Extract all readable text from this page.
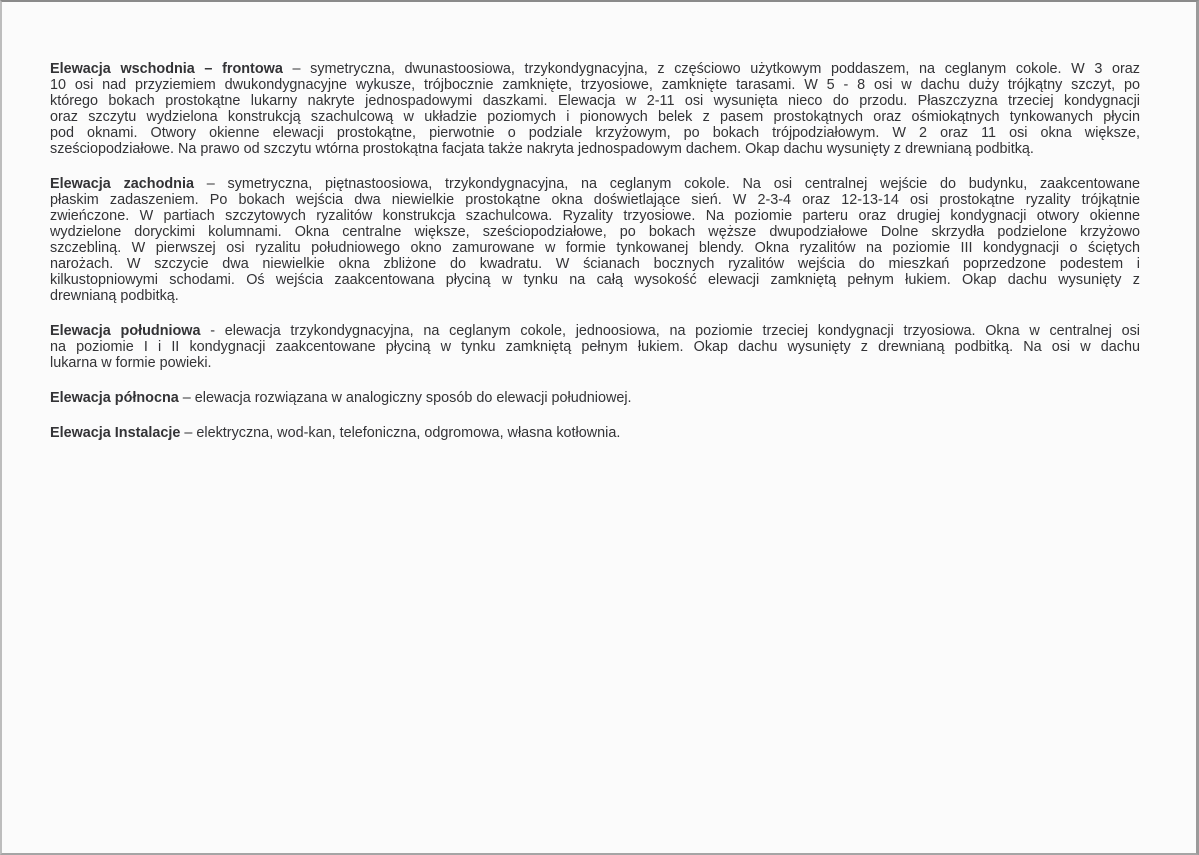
Elewacja wschodnia – frontowa – symetryczna, dwunastoosiowa, trzykondygnacyjna, z częściowo użytkowym poddaszem, na ceglanym cokole. W 3 oraz
10 osi nad przyziemiem dwukondygnacyjne wykusze, trójbocznie zamknięte, trzyosiowe, zamknięte tarasami. W 5 - 8 osi w dachu duży trójkątny szczyt, po
którego bokach prostokątne lukarny nakryte jednospadowymi daszkami. Elewacja w 2-11 osi wysunięta nieco do przodu. Płaszczyzna trzeciej kondygnacji
oraz szczytu wydzielona konstrukcją szachulcową w układzie poziomych i pionowych belek z pasem prostokątnych oraz ośmiokątnych tynkowanych płycin
pod oknami. Otwory okienne elewacji prostokątne, pierwotnie o podziale krzyżowym, po bokach trójpodziałowym. W 2 oraz 11 osi okna większe,
sześciopodziałowe. Na prawo od szczytu wtórna prostokątna facjata także nakryta jednospadowym dachem. Okap dachu wysunięty z drewnianą podbitką.
Elewacja zachodnia – symetryczna, piętnastoosiowa, trzykondygnacyjna, na ceglanym cokole. Na osi centralnej wejście do budynku, zaakcentowane
płaskim zadaszeniem. Po bokach wejścia dwa niewielkie prostokątne okna doświetlające sień. W 2-3-4 oraz 12-13-14 osi prostokątne ryzality trójkątnie
zwieńczone. W partiach szczytowych ryzalitów konstrukcja szachulcowa. Ryzality trzyosiowe. Na poziomie parteru oraz drugiej kondygnacji otwory okienne
wydzielone doryckimi kolumnami. Okna centralne większe, sześciopodziałowe, po bokach węższe dwupodziałowe Dolne skrzydła podzielone krzyżowo
szczebliną. W pierwszej osi ryzalitu południowego okno zamurowane w formie tynkowanej blendy. Okna ryzalitów na poziomie III kondygnacji o ściętych
narożach. W szczycie dwa niewielkie okna zbliżone do kwadratu. W ścianach bocznych ryzalitów wejścia do mieszkań poprzedzone podestem i
kilkustopniowymi schodami. Oś wejścia zaakcentowana płyciną w tynku na całą wysokość elewacji zamkniętą pełnym łukiem. Okap dachu wysunięty z
drewnianą podbitką.
Elewacja południowa - elewacja trzykondygnacyjna, na ceglanym cokole, jednoosiowa, na poziomie trzeciej kondygnacji trzyosiowa. Okna w centralnej osi
na poziomie I i II kondygnacji zaakcentowane płyciną w tynku zamkniętą pełnym łukiem. Okap dachu wysunięty z drewnianą podbitką. Na osi w dachu
lukarna w formie powieki.
Elewacja północna – elewacja rozwiązana w analogiczny sposób do elewacji południowej.
Elewacja Instalacje – elektryczna, wod-kan, telefoniczna, odgromowa, własna kotłownia.
